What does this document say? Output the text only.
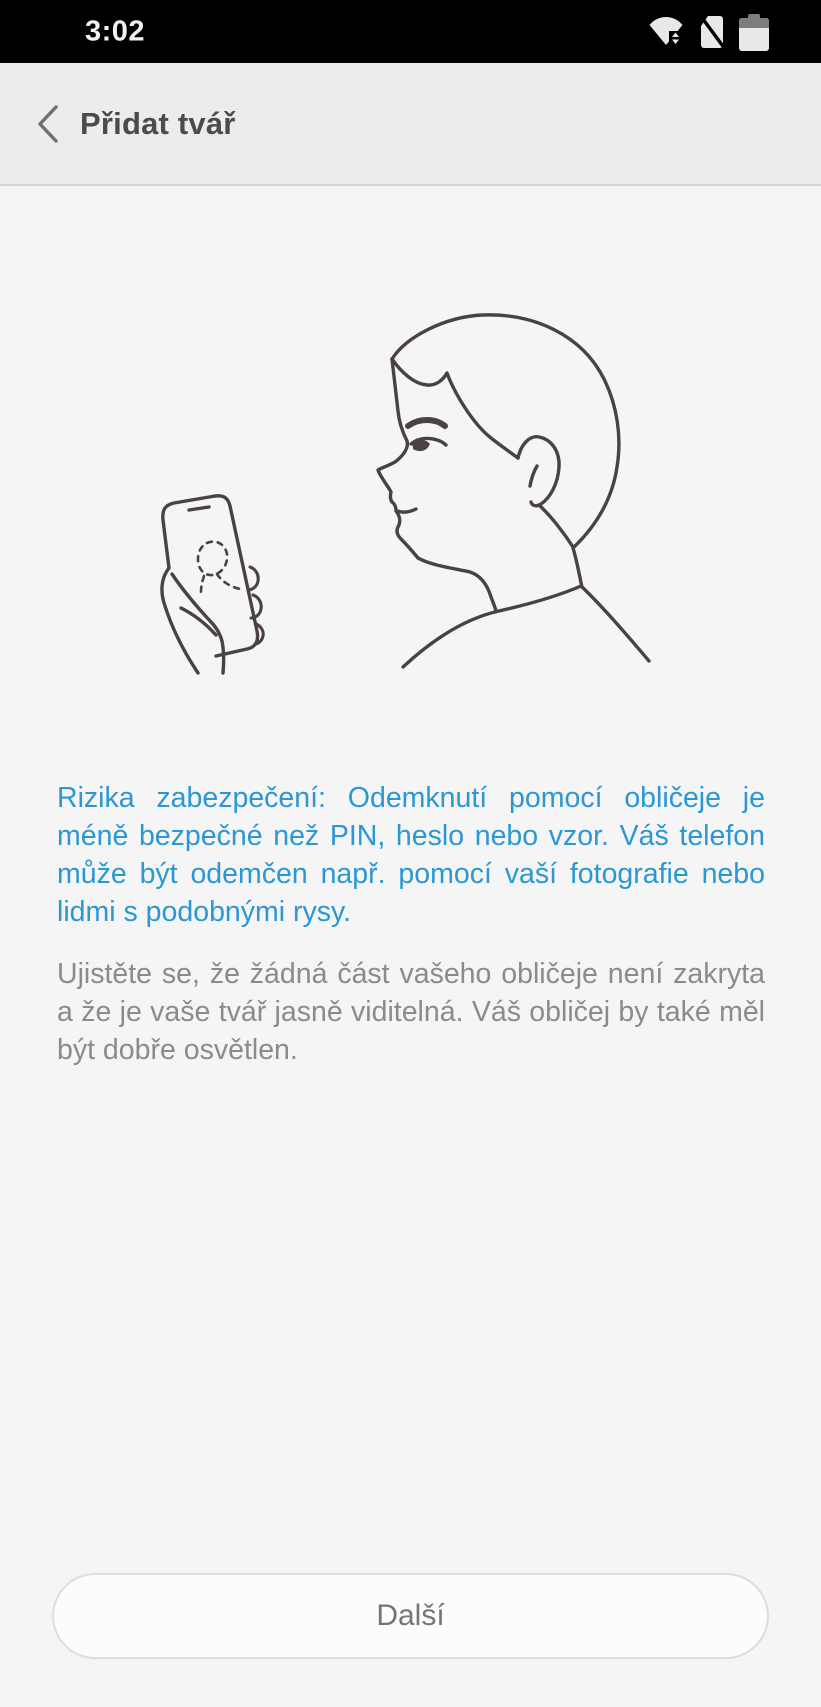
3:02
Přidat tvář

Rizika zabezpečení: Odemknutí pomocí obličeje je méně bezpečné než PIN, heslo nebo vzor. Váš telefon může být odemčen např. pomocí vaší fotografie nebo lidmi s podobnými rysy.

Ujistěte se, že žádná část vašeho obličeje není zakryta a že je vaše tvář jasně viditelná. Váš obličej by také měl být dobře osvětlen.

Další
